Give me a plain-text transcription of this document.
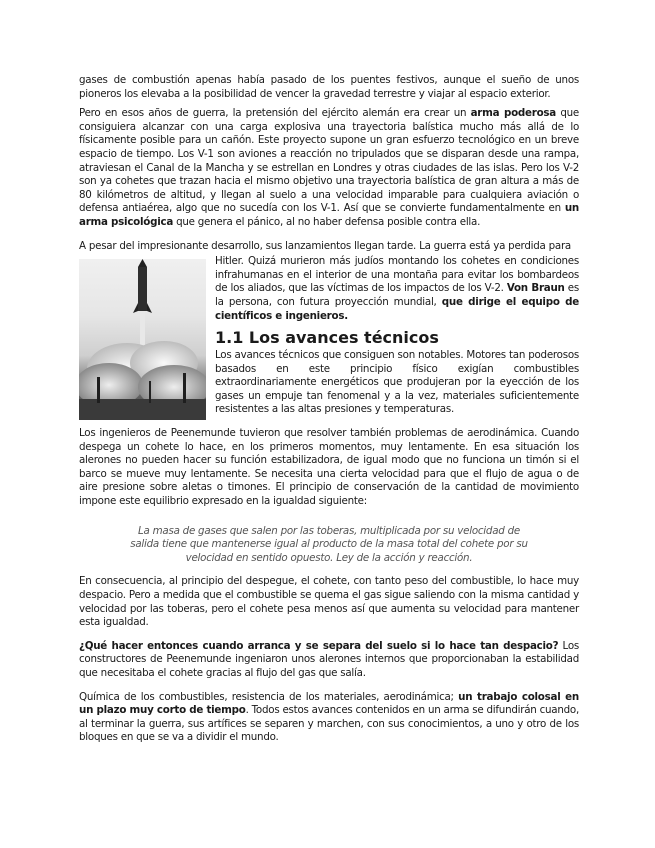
gases de combustión apenas había pasado de los puentes festivos, aunque el sueño de unos pioneros los elevaba a la posibilidad de vencer la gravedad terrestre y viajar al espacio exterior.

Pero en esos años de guerra, la pretensión del ejército alemán era crear un arma poderosa que consiguiera alcanzar con una carga explosiva una trayectoria balística mucho más allá de lo físicamente posible para un cañón. Este proyecto supone un gran esfuerzo tecnológico en un breve espacio de tiempo. Los V-1 son aviones a reacción no tripulados que se disparan desde una rampa, atraviesan el Canal de la Mancha y se estrellan en Londres y otras ciudades de las islas. Pero los V-2 son ya cohetes que trazan hacia el mismo objetivo una trayectoria balística de gran altura a más de 80 kilómetros de altitud, y llegan al suelo a una velocidad imparable para cualquiera aviación o defensa antiaérea, algo que no sucedía con los V-1. Así que se convierte fundamentalmente en un arma psicológica que genera el pánico, al no haber defensa posible contra ella.

A pesar del impresionante desarrollo, sus lanzamientos llegan tarde. La guerra está ya perdida para

Hitler. Quizá murieron más judíos montando los cohetes en condiciones infrahumanas en el interior de una montaña para evitar los bombardeos de los aliados, que las víctimas de los impactos de los V-2. Von Braun es la persona, con futura proyección mundial, que dirige el equipo de científicos e ingenieros.

1.1 Los avances técnicos

Los avances técnicos que consiguen son notables. Motores tan poderosos basados en este principio físico exigían combustibles extraordinariamente energéticos que produjeran por la eyección de los gases un empuje tan fenomenal y a la vez, materiales suficientemente resistentes a las altas presiones y temperaturas.

Los ingenieros de Peenemunde tuvieron que resolver también problemas de aerodinámica. Cuando despega un cohete lo hace, en los primeros momentos, muy lentamente. En esa situación los alerones no pueden hacer su función estabilizadora, de igual modo que no funciona un timón si el barco se mueve muy lentamente. Se necesita una cierta velocidad para que el flujo de agua o de aire presione sobre aletas o timones. El principio de conservación de la cantidad de movimiento impone este equilibrio expresado en la igualdad siguiente:

La masa de gases que salen por las toberas, multiplicada por su velocidad de salida tiene que mantenerse igual al producto de la masa total del cohete por su velocidad en sentido opuesto. Ley de la acción y reacción.

En consecuencia, al principio del despegue, el cohete, con tanto peso del combustible, lo hace muy despacio. Pero a medida que el combustible se quema el gas sigue saliendo con la misma cantidad y velocidad por las toberas, pero el cohete pesa menos así que aumenta su velocidad para mantener esta igualdad.

¿Qué hacer entonces cuando arranca y se separa del suelo si lo hace tan despacio? Los constructores de Peenemunde ingeniaron unos alerones internos que proporcionaban la estabilidad que necesitaba el cohete gracias al flujo del gas que salía.

Química de los combustibles, resistencia de los materiales, aerodinámica; un trabajo colosal en un plazo muy corto de tiempo. Todos estos avances contenidos en un arma se difundirán cuando, al terminar la guerra, sus artífices se separen y marchen, con sus conocimientos, a uno y otro de los bloques en que se va a dividir el mundo.
